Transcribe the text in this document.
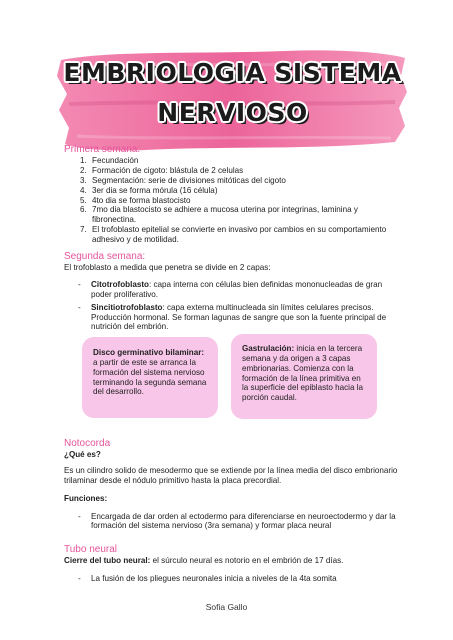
EMBRIOLOGIA SISTEMA
NERVIOSO
Primera semana:
1. Fecundación
2. Formación de cigoto: blástula de 2 celulas
3. Segmentación: serie de divisiones mitóticas del cigoto
4. 3er dia se forma mórula (16 célula)
5. 4to dia se forma blastocisto
6. 7mo dia blastocisto se adhiere a mucosa uterina por integrinas, laminina y fibronectina.
7. El trofoblasto epitelial se convierte en invasivo por cambios en su comportamiento adhesivo y de motilidad.
Segunda semana:
El trofoblasto a medida que penetra se divide en 2 capas:
-	Citotrofoblasto: capa interna con células bien definidas mononucleadas de gran poder proliferativo.
-	Sincitiotrofoblasto: capa externa multinucleada sin límites celulares precisos. Producción hormonal. Se forman lagunas de sangre que son la fuente principal de nutrición del embrión.
Disco germinativo bilaminar: a partir de este se arranca la formación del sistema nervioso terminando la segunda semana del desarrollo.
Gastrulación: inicia en la tercera semana y da origen a 3 capas embrionarias. Comienza con la formación de la línea primitiva en la superficie del epiblasto hacia la porción caudal.
Notocorda
¿Qué es?
Es un cilindro solido de mesodermo que se extiende por la línea media del disco embrionario trilaminar desde el nódulo primitivo hasta la placa precordial.
Funciones:
-	Encargada de dar orden al ectodermo para diferenciarse en neuroectodermo y dar la formación del sistema nervioso (3ra semana) y formar placa neural
Tubo neural
Cierre del tubo neural: el súrculo neural es notorio en el embrión de 17 días.
-	La fusión de los pliegues neuronales inicia a niveles de la 4ta somita
Sofia Gallo
